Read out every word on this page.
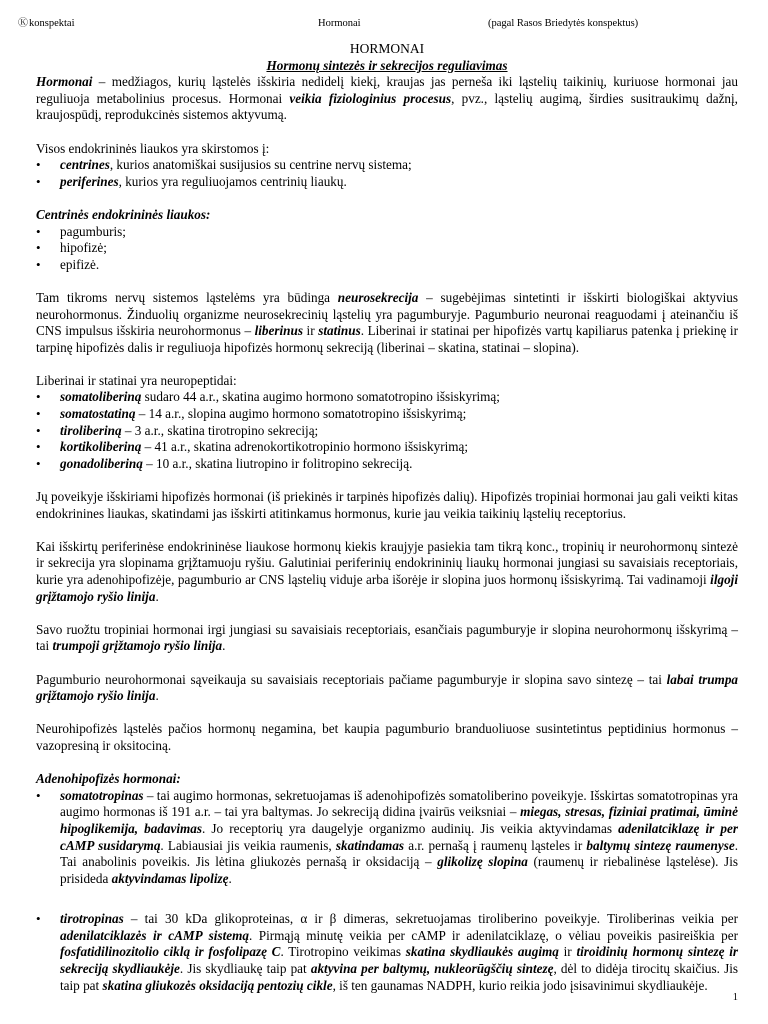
Ⓚkonspektai	Hormonai	(pagal Rasos Briedytės konspektus)
HORMONAI
Hormonų sintezės ir sekrecijos reguliavimas

Hormonai – medžiagos, kurių ląstelės išskiria nedidelį kiekį, kraujas jas perneša iki ląstelių taikinių, kuriuose hormonai jau reguliuoja metabolinius procesus. Hormonai veikia fiziologinius procesus, pvz., ląstelių augimą, širdies susitraukimų dažnį, kraujospūdį, reprodukcinės sistemos aktyvumą.

Visos endokrininės liaukos yra skirstomos į:

• centrines, kurios anatomiškai susijusios su centrine nervų sistema;
• periferines, kurios yra reguliuojamos centrinių liaukų.

Centrinės endokrininės liaukos:

• pagumburis;
• hipofizė;
• epifizė.

Tam tikroms nervų sistemos ląstelėms yra būdinga neurosekrecija – sugebėjimas sintetinti ir išskirti biologiškai aktyvius neurohormonus. Žinduolių organizme neurosekrecinių ląstelių yra pagumburyje. Pagumburio neuronai reaguodami į ateinančiu iš CNS impulsus išskiria neurohormonus – liberinus ir statinus. Liberinai ir statinai per hipofizės vartų kapiliarus patenka į priekinę ir tarpinę hipofizės dalis ir reguliuoja hipofizės hormonų sekreciją (liberinai – skatina, statinai – slopina).

Liberinai ir statinai yra neuropeptidai:

• somatoliberiną sudaro 44 a.r., skatina augimo hormono somatotropino išsiskyrimą;
• somatostatiną – 14 a.r., slopina augimo hormono somatotropino išsiskyrimą;
• tiroliberiną – 3 a.r., skatina tirotropino sekreciją;
• kortikoliberiną – 41 a.r., skatina adrenokortikotropinio hormono išsiskyrimą;
• gonadoliberiną – 10 a.r., skatina liutropino ir folitropino sekreciją.

Jų poveikyje išskiriami hipofizės hormonai (iš priekinės ir tarpinės hipofizės dalių). Hipofizės tropiniai hormonai jau gali veikti kitas endokrinines liaukas, skatindami jas išskirti atitinkamus hormonus, kurie jau veikia taikinių ląstelių receptorius.

Kai išskirtų periferinėse endokrininėse liaukose hormonų kiekis kraujyje pasiekia tam tikrą konc., tropinių ir neurohormonų sintezė ir sekrecija yra slopinama grįžtamuoju ryšiu. Galutiniai periferinių endokrininių liaukų hormonai jungiasi su savaisiais receptoriais, kurie yra adenohipofizėje, pagumburio ar CNS ląstelių viduje arba išorėje ir slopina juos hormonų išsiskyrimą. Tai vadinamoji ilgoji grįžtamojo ryšio linija.

Savo ruožtu tropiniai hormonai irgi jungiasi su savaisiais receptoriais, esančiais pagumburyje ir slopina neurohormonų išskyrimą – tai trumpoji grįžtamojo ryšio linija.

Pagumburio neurohormonai sąveikauja su savaisiais receptoriais pačiame pagumburyje ir slopina savo sintezę – tai labai trumpa grįžtamojo ryšio linija.

Neurohipofizės ląstelės pačios hormonų negamina, bet kaupia pagumburio branduoliuose susintetintus peptidinius hormonus – vazopresiną ir oksitociną.

Adenohipofizės hormonai:

• somatotropinas – tai augimo hormonas, sekretuojamas iš adenohipofizės somatoliberino poveikyje. Išskirtas somatotropinas yra augimo hormonas iš 191 a.r. – tai yra baltymas. Jo sekreciją didina įvairūs veiksniai – miegas, stresas, fiziniai pratimai, ūminė hipoglikemija, badavimas. Jo receptorių yra daugelyje organizmo audinių. Jis veikia aktyvindamas adenilatciklazę ir per cAMP susidarymą. Labiausiai jis veikia raumenis, skatindamas a.r. pernašą į raumenų ląsteles ir baltymų sintezę raumenyse. Tai anabolinis poveikis. Jis lėtina gliukozės pernašą ir oksidaciją – glikolizę slopina (raumenų ir riebalinėse ląstelėse). Jis prisideda aktyvindamas lipolizę.
• tirotropinas – tai 30 kDa glikoproteinas, α ir β dimeras, sekretuojamas tiroliberino poveikyje. Tiroliberinas veikia per adenilatciklazės ir cAMP sistemą. Pirmąją minutę veikia per cAMP ir adenilatciklazę, o vėliau poveikis pasireiškia per fosfatidilinozitolio ciklą ir fosfolipazę C. Tirotropino veikimas skatina skydliaukės augimą ir tiroidinių hormonų sintezę ir sekreciją skydliaukėje. Jis skydliaukę taip pat aktyvina per baltymų, nukleorūgščių sintezę, dėl to didėja tirocitų skaičius. Jis taip pat skatina gliukozės oksidaciją pentozių cikle, iš ten gaunamas NADPH, kurio reikia jodo įsisavinimui skydliaukėje.
1
